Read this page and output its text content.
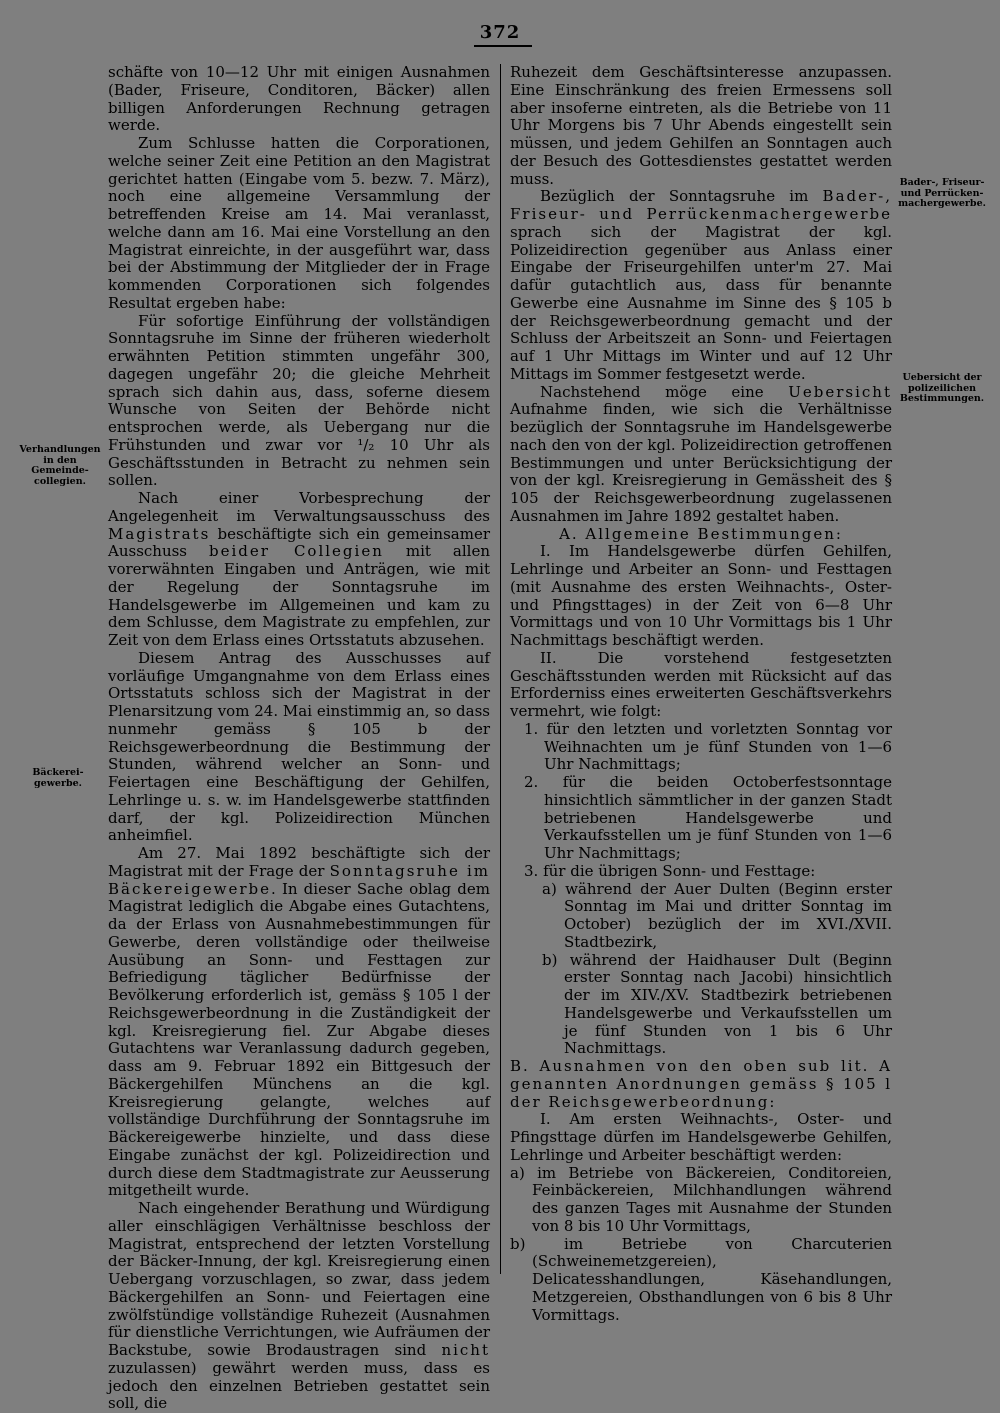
372
Verhandlungen
in den Gemeinde-
collegien.
Bäckerei-
gewerbe.
Bader-, Friseur-
und Perrücken-
machergewerbe.
Uebersicht der
polizeilichen
Bestimmungen.

schäfte von 10—12 Uhr mit einigen Ausnahmen (Bader, Friseure, Conditoren, Bäcker) allen billigen Anforderungen Rechnung getragen werde.

Zum Schlusse hatten die Corporationen, welche seiner Zeit eine Petition an den Magistrat gerichtet hatten (Eingabe vom 5. bezw. 7. März), noch eine allgemeine Versammlung der betreffenden Kreise am 14. Mai veranlasst, welche dann am 16. Mai eine Vorstellung an den Magistrat einreichte, in der ausgeführt war, dass bei der Abstimmung der Mitglieder der in Frage kommenden Corporationen sich folgendes Resultat ergeben habe:

Für sofortige Einführung der vollständigen Sonntagsruhe im Sinne der früheren wiederholt erwähnten Petition stimmten ungefähr 300, dagegen ungefähr 20; die gleiche Mehrheit sprach sich dahin aus, dass, soferne diesem Wunsche von Seiten der Behörde nicht entsprochen werde, als Uebergang nur die Frühstunden und zwar vor ¹/₂ 10 Uhr als Geschäftsstunden in Betracht zu nehmen sein sollen.

Nach einer Vorbesprechung der Angelegenheit im Verwaltungsausschuss des Magistrats beschäftigte sich ein gemeinsamer Ausschuss beider Collegien mit allen vorerwähnten Eingaben und Anträgen, wie mit der Regelung der Sonntagsruhe im Handelsgewerbe im Allgemeinen und kam zu dem Schlusse, dem Magistrate zu empfehlen, zur Zeit von dem Erlass eines Ortsstatuts abzusehen.

Diesem Antrag des Ausschusses auf vorläufige Umgangnahme von dem Erlass eines Ortsstatuts schloss sich der Magistrat in der Plenarsitzung vom 24. Mai einstimmig an, so dass nunmehr gemäss § 105 b der Reichsgewerbeordnung die Bestimmung der Stunden, während welcher an Sonn- und Feiertagen eine Beschäftigung der Gehilfen, Lehrlinge u. s. w. im Handelsgewerbe stattfinden darf, der kgl. Polizeidirection München anheimfiel.

Am 27. Mai 1892 beschäftigte sich der Magistrat mit der Frage der Sonntagsruhe im Bäckereigewerbe. In dieser Sache oblag dem Magistrat lediglich die Abgabe eines Gutachtens, da der Erlass von Ausnahmebestimmungen für Gewerbe, deren vollständige oder theilweise Ausübung an Sonn- und Festtagen zur Befriedigung täglicher Bedürfnisse der Bevölkerung erforderlich ist, gemäss § 105 l der Reichsgewerbeordnung in die Zuständigkeit der kgl. Kreisregierung fiel. Zur Abgabe dieses Gutachtens war Veranlassung dadurch gegeben, dass am 9. Februar 1892 ein Bittgesuch der Bäckergehilfen Münchens an die kgl. Kreisregierung gelangte, welches auf vollständige Durchführung der Sonntagsruhe im Bäckereigewerbe hinzielte, und dass diese Eingabe zunächst der kgl. Polizeidirection und durch diese dem Stadtmagistrate zur Aeusserung mitgetheilt wurde.

Nach eingehender Berathung und Würdigung aller einschlägigen Verhältnisse beschloss der Magistrat, entsprechend der letzten Vorstellung der Bäcker-Innung, der kgl. Kreisregierung einen Uebergang vorzuschlagen, so zwar, dass jedem Bäckergehilfen an Sonn- und Feiertagen eine zwölfstündige vollständige Ruhezeit (Ausnahmen für dienstliche Verrichtungen, wie Aufräumen der Backstube, sowie Brodaustragen sind nicht zuzulassen) gewährt werden muss, dass es jedoch den einzelnen Betrieben gestattet sein soll, die

Ruhezeit dem Geschäftsinteresse anzupassen. Eine Einschränkung des freien Ermessens soll aber insoferne eintreten, als die Betriebe von 11 Uhr Morgens bis 7 Uhr Abends eingestellt sein müssen, und jedem Gehilfen an Sonntagen auch der Besuch des Gottesdienstes gestattet werden muss.

Bezüglich der Sonntagsruhe im Bader-, Friseur- und Perrückenmachergewerbe sprach sich der Magistrat der kgl. Polizeidirection gegenüber aus Anlass einer Eingabe der Friseurgehilfen unter'm 27. Mai dafür gutachtlich aus, dass für benannte Gewerbe eine Ausnahme im Sinne des § 105 b der Reichsgewerbeordnung gemacht und der Schluss der Arbeitszeit an Sonn- und Feiertagen auf 1 Uhr Mittags im Winter und auf 12 Uhr Mittags im Sommer festgesetzt werde.

Nachstehend möge eine Uebersicht Aufnahme finden, wie sich die Verhältnisse bezüglich der Sonntagsruhe im Handelsgewerbe nach den von der kgl. Polizeidirection getroffenen Bestimmungen und unter Berücksichtigung der von der kgl. Kreisregierung in Gemässheit des § 105 der Reichsgewerbeordnung zugelassenen Ausnahmen im Jahre 1892 gestaltet haben.

A. Allgemeine Bestimmungen:

I. Im Handelsgewerbe dürfen Gehilfen, Lehrlinge und Arbeiter an Sonn- und Festtagen (mit Ausnahme des ersten Weihnachts-, Oster- und Pfingsttages) in der Zeit von 6—8 Uhr Vormittags und von 10 Uhr Vormittags bis 1 Uhr Nachmittags beschäftigt werden.

II. Die vorstehend festgesetzten Geschäftsstunden werden mit Rücksicht auf das Erforderniss eines erweiterten Geschäftsverkehrs vermehrt, wie folgt:

1. für den letzten und vorletzten Sonntag vor Weihnachten um je fünf Stunden von 1—6 Uhr Nachmittags;

2. für die beiden Octoberfestsonntage hinsichtlich sämmtlicher in der ganzen Stadt betriebenen Handelsgewerbe und Verkaufsstellen um je fünf Stunden von 1—6 Uhr Nachmittags;

3. für die übrigen Sonn- und Festtage:

a) während der Auer Dulten (Beginn erster Sonntag im Mai und dritter Sonntag im October) bezüglich der im XVI./XVII. Stadtbezirk,

b) während der Haidhauser Dult (Beginn erster Sonntag nach Jacobi) hinsichtlich der im XIV./XV. Stadtbezirk betriebenen Handelsgewerbe und Verkaufsstellen um je fünf Stunden von 1 bis 6 Uhr Nachmittags.

B. Ausnahmen von den oben sub lit. A genannten Anordnungen gemäss § 105 l der Reichsgewerbeordnung:

I. Am ersten Weihnachts-, Oster- und Pfingsttage dürfen im Handelsgewerbe Gehilfen, Lehrlinge und Arbeiter beschäftigt werden:

a) im Betriebe von Bäckereien, Conditoreien, Feinbäckereien, Milchhandlungen während des ganzen Tages mit Ausnahme der Stunden von 8 bis 10 Uhr Vormittags,

b) im Betriebe von Charcuterien (Schweinemetzgereien), Delicatesshandlungen, Käsehandlungen, Metzgereien, Obsthandlungen von 6 bis 8 Uhr Vormittags.
